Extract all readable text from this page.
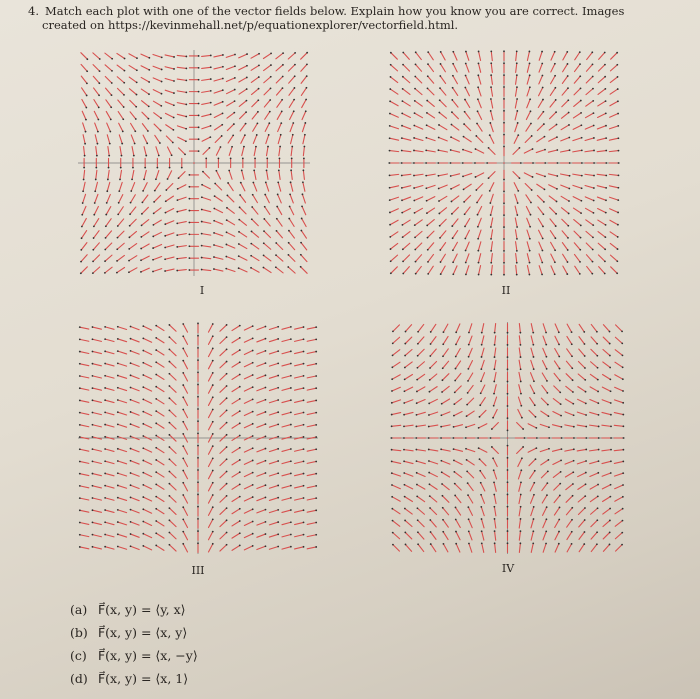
4. Match each plot with one of the vector fields below. Explain how you know you are correct. Images
created on https://kevinmehall.net/p/equationexplorer/vectorfield.html.
I	II
III	IV
(a) F⃗(x, y) = ⟨y, x⟩
(b) F⃗(x, y) = ⟨x, y⟩
(c) F⃗(x, y) = ⟨x, −y⟩
(d) F⃗(x, y) = ⟨x, 1⟩
